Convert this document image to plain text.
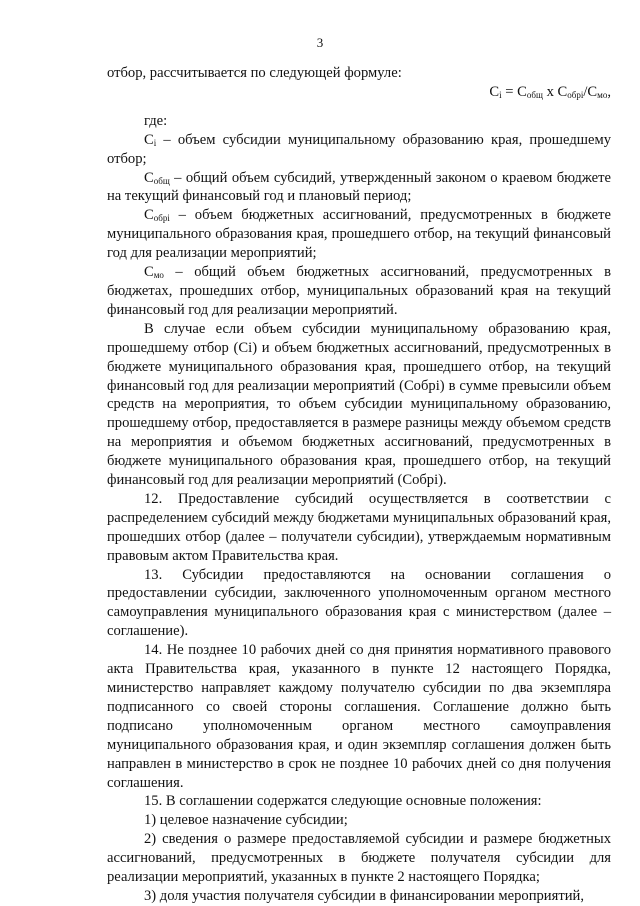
3

отбор, рассчитывается по следующей формуле:

$C_i = C_{общ}$ x $C_{обрi}/C_{мо}$,

где:

$C_i$ – объем субсидии муниципальному образованию края, прошедшему отбор;

$C_{общ}$ – общий объем субсидий, утвержденный законом о краевом бюджете на текущий финансовый год и плановый период;

$C_{обрi}$ – объем бюджетных ассигнований, предусмотренных в бюджете муниципального образования края, прошедшего отбор, на текущий финансовый год для реализации мероприятий;

$C_{мо}$ – общий объем бюджетных ассигнований, предусмотренных в бюджетах, прошедших отбор, муниципальных образований края на текущий финансовый год для реализации мероприятий.

В случае если объем субсидии муниципальному образованию края, прошедшему отбор (Ci) и объем бюджетных ассигнований, предусмотренных в бюджете муниципального образования края, прошедшего отбор, на текущий финансовый год для реализации мероприятий (Cобрi) в сумме превысили объем средств на мероприятия, то объем субсидии муниципальному образованию, прошедшему отбор, предоставляется в размере разницы между объемом средств на мероприятия и объемом бюджетных ассигнований, предусмотренных в бюджете муниципального образования края, прошедшего отбор, на текущий финансовый год для реализации мероприятий (Cобрi).

12. Предоставление субсидий осуществляется в соответствии с распределением субсидий между бюджетами муниципальных образований края, прошедших отбор (далее – получатели субсидии), утверждаемым нормативным правовым актом Правительства края.

13. Субсидии предоставляются на основании соглашения о предоставлении субсидии, заключенного уполномоченным органом местного самоуправления муниципального образования края с министерством (далее – соглашение).

14. Не позднее 10 рабочих дней со дня принятия нормативного правового акта Правительства края, указанного в пункте 12 настоящего Порядка, министерство направляет каждому получателю субсидии по два экземпляра подписанного со своей стороны соглашения. Соглашение должно быть подписано уполномоченным органом местного самоуправления муниципального образования края, и один экземпляр соглашения должен быть направлен в министерство в срок не позднее 10 рабочих дней со дня получения соглашения.

15. В соглашении содержатся следующие основные положения:

1) целевое назначение субсидии;

2) сведения о размере предоставляемой субсидии и размере бюджетных ассигнований, предусмотренных в бюджете получателя субсидии для реализации мероприятий, указанных в пункте 2 настоящего Порядка;

3) доля участия получателя субсидии в финансировании мероприятий,
